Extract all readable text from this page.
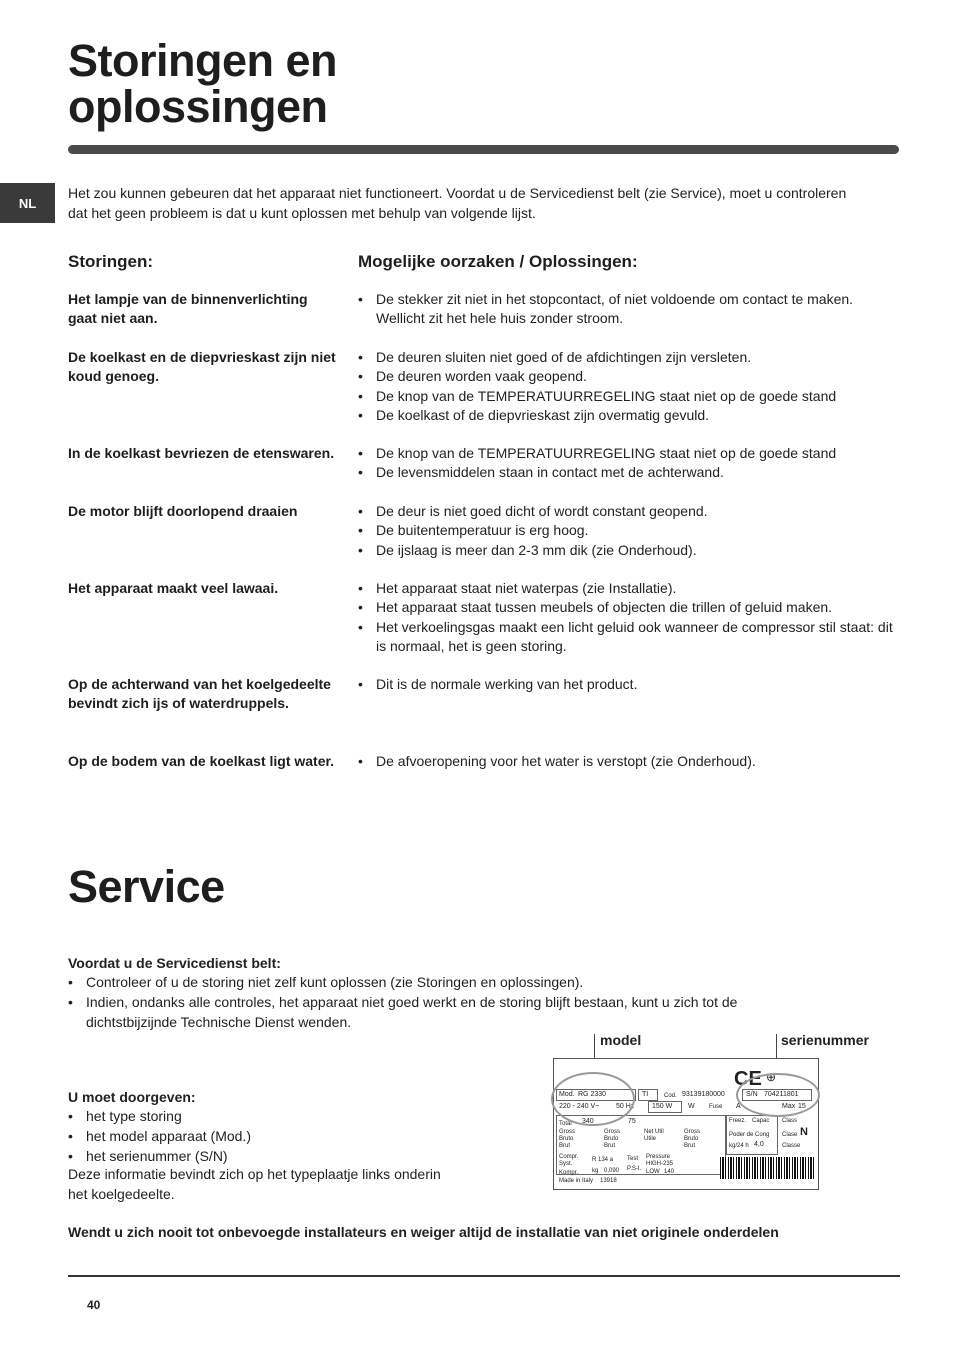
Storingen en
oplossingen
NL
Het zou kunnen gebeuren dat het apparaat niet functioneert. Voordat u de Servicedienst belt (zie Service), moet u controleren dat het geen probleem is dat u kunt oplossen met behulp van volgende lijst.
Storingen:	Mogelijke oorzaken / Oplossingen:
Het lampje van de binnenverlichting gaat niet aan.
• De stekker zit niet in het stopcontact, of niet voldoende om contact te maken. Wellicht zit het hele huis zonder stroom.
De koelkast en de diepvrieskast zijn niet koud genoeg.
• De deuren sluiten niet goed of de afdichtingen zijn versleten.
• De deuren worden vaak geopend.
• De knop van de TEMPERATUURREGELING staat niet op de goede stand
• De koelkast of de diepvrieskast zijn overmatig gevuld.
In de koelkast bevriezen de etenswaren.	• De knop van de TEMPERATUURREGELING staat niet op de goede stand
• De levensmiddelen staan in contact met de achterwand.
De motor blijft doorlopend draaien	• De deur is niet goed dicht of wordt constant geopend.
• De buitentemperatuur is erg hoog.
• De ijslaag is meer dan 2-3 mm dik (zie Onderhoud).
Het apparaat maakt veel lawaai.	• Het apparaat staat niet waterpas (zie Installatie).
• Het apparaat staat tussen meubels of objecten die trillen of geluid maken.
• Het verkoelingsgas maakt een licht geluid ook wanneer de compressor stil staat: dit is normaal, het is geen storing.
Op de achterwand van het koelgedeelte bevindt zich ijs of waterdruppels.
• Dit is de normale werking van het product.
Op de bodem van de koelkast ligt water.	• De afvoeropening voor het water is verstopt (zie Onderhoud).
Service
Voordat u de Servicedienst belt:
• Controleer of u de storing niet zelf kunt oplossen (zie Storingen en oplossingen).
• Indien, ondanks alle controles, het apparaat niet goed werkt en de storing blijft bestaan, kunt u zich tot de dichtstbijzijnde Technische Dienst wenden.
U moet doorgeven:
• het type storing
• het model apparaat (Mod.)
• het serienummer (S/N)
Deze informatie bevindt zich op het typeplaatje links onderin het koelgedeelte.
model	serienummer
CE ⊕
Mod. RG 2330	TI	Cod. 93139180000	S/N 704211801
220 - 240 V~ 50 Hz	150 W W Fuse A	Max 15
Total 340	75
Gross Bruto Brut
Gross Bruto Brut
Net Util Utile
Gross Bruto Brut
Freez. Capac
Poder de Cong
kg/24 h 4,0
Class
Clase N
Classe
Compr. Syst.
Kompr.
R 134 a
kg 0,090
Test
P.S-I.
Pressure
HIGH-235
LOW 140
Made in Italy 13918
Wendt u zich nooit tot onbevoegde installateurs en weiger altijd de installatie van niet originele onderdelen
40
